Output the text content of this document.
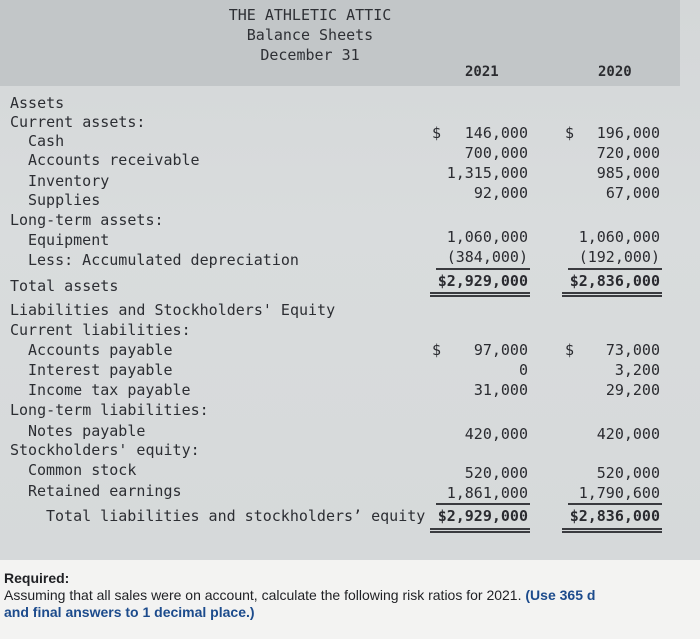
THE ATHLETIC ATTIC
Balance Sheets
December 31
2021	2020
Assets
Current assets:
Cash	$	146,000 $	196,000
Accounts receivable	700,000	720,000
Inventory	1,315,000	985,000
Supplies	92,000	67,000
Long-term assets:
Equipment	1,060,000	1,060,000
Less: Accumulated depreciation	(384,000)	(192,000)
Total assets	$2,929,000	$2,836,000
Liabilities and Stockholders' Equity
Current liabilities:
Accounts payable	$	97,000 $	73,000
Interest payable	0	3,200
Income tax payable	31,000	29,200
Long-term liabilities:
Notes payable	420,000	420,000
Stockholders' equity:
Common stock	520,000	520,000
Retained earnings	1,861,000	1,790,600
Total liabilities and stockholders’ equity $2,929,000	$2,836,000
Required:
Assuming that all sales were on account, calculate the following risk ratios for 2021. (Use 365 d
and final answers to 1 decimal place.)
